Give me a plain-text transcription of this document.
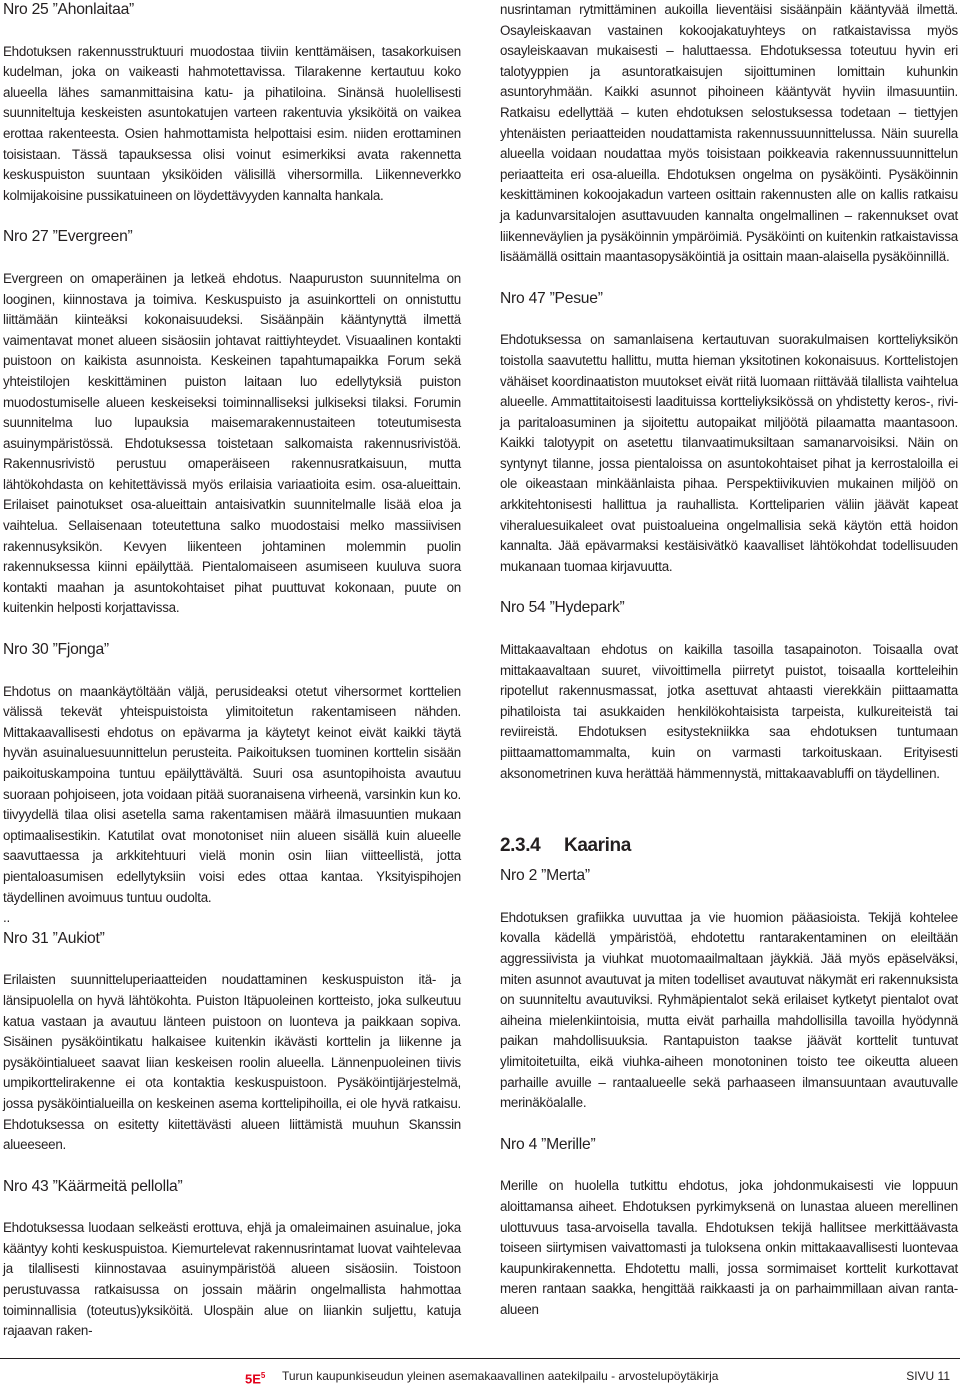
Nro 25 ”Ahonlaitaa”

Ehdotuksen rakennusstruktuuri muodostaa tiiviin kenttämäisen, tasakorkuisen kudelman, joka on vaikeasti hahmotettavissa. Tilarakenne kertautuu koko alueella lähes samanmittaisina katu- ja pihatiloina. Sinänsä huolellisesti suunniteltuja keskeisten asuntokatujen varteen rakentuvia yksiköitä on vaikea erottaa rakenteesta. Osien hahmottamista helpottaisi esim. niiden erottaminen toisistaan. Tässä tapauksessa olisi voinut esimerkiksi avata rakennetta keskuspuiston suuntaan yksiköiden välisillä vihersormilla. Liikenneverkko kolmijakoisine pussikatuineen on löydettävyyden kannalta hankala.

Nro 27 ”Evergreen”

Evergreen on omaperäinen ja letkeä ehdotus. Naapuruston suunnitelma on looginen, kiinnostava ja toimiva. Keskuspuisto ja asuinkortteli on onnistuttu liittämään kiinteäksi kokonaisuudeksi. Sisäänpäin kääntynyttä ilmettä vaimentavat monet alueen sisäosiin johtavat raittiyhteydet. Visuaalinen kontakti puistoon on kaikista asunnoista. Keskeinen tapahtumapaikka Forum sekä yhteistilojen keskittäminen puiston laitaan luo edellytyksiä puiston muodostumiselle alueen keskeiseksi toiminnalliseksi julkiseksi tilaksi. Forumin suunnitelma luo lupauksia maisemarakennustaiteen toteutumisesta asuinympäristössä. Ehdotuksessa toistetaan salkomaista rakennusrivistöä. Rakennusrivistö perustuu omaperäiseen rakennusratkaisuun, mutta lähtökohdasta on kehitettävissä myös erilaisia variaatioita esim. osa-alueittain. Erilaiset painotukset osa-alueittain antaisivatkin suunnitelmalle lisää eloa ja vaihtelua. Sellaisenaan toteutettuna salko muodostaisi melko massiivisen rakennusyksikön. Kevyen liikenteen johtaminen molemmin puolin rakennuksessa kiinni epäilyttää. Pientalomaiseen asumiseen kuuluva suora kontakti maahan ja asuntokohtaiset pihat puuttuvat kokonaan, puute on kuitenkin helposti korjattavissa.

Nro 30 ”Fjonga”

Ehdotus on maankäytöltään väljä, perusideaksi otetut vihersormet korttelien välissä tekevät yhteispuistoista ylimitoitetun rakentamiseen nähden. Mittakaavallisesti ehdotus on epävarma ja käytetyt keinot eivät kaikki täytä hyvän asuinaluesuunnittelun perusteita. Paikoituksen tuominen korttelin sisään paikoituskampoina tuntuu epäilyttävältä. Suuri osa asuntopihoista avautuu suoraan pohjoiseen, jota voidaan pitää suoranaisena virheenä, varsinkin kun ko. tiivyydellä tilaa olisi asetella sama rakentamisen määrä ilmasuuntien mukaan optimaalisestikin. Katutilat ovat monotoniset niin alueen sisällä kuin alueelle saavuttaessa ja arkkitehtuuri vielä monin osin liian viitteellistä, jotta pientaloasumisen edellytyksiin voisi edes ottaa kantaa. Yksityispihojen täydellinen avoimuus tuntuu oudolta.

..

Nro 31 ”Aukiot”

Erilaisten suunnitteluperiaatteiden noudattaminen keskuspuiston itä- ja länsipuolella on hyvä lähtökohta. Puiston Itäpuoleinen kortteisto, joka sulkeutuu katua vastaan ja avautuu länteen puistoon on luonteva ja paikkaan sopiva. Sisäinen pysäköintikatu halkaisee kuitenkin ikävästi korttelin ja liikenne ja pysäköintialueet saavat liian keskeisen roolin alueella. Lännenpuoleinen tiivis umpikorttelirakenne ei ota kontaktia keskuspuistoon. Pysäköintijärjestelmä, jossa pysäköintialueilla on keskeinen asema korttelipihoilla, ei ole hyvä ratkaisu. Ehdotuksessa on esitetty kiitettävästi alueen liittämistä muuhun Skanssin alueeseen.

Nro 43 ”Käärmeitä pellolla”

Ehdotuksessa luodaan selkeästi erottuva, ehjä ja omaleimainen asuinalue, joka kääntyy kohti keskuspuistoa. Kiemurtelevat rakennusrintamat luovat vaihtelevaa ja tilallisesti kiinnostavaa asuinympäristöä alueen sisäosiin. Toistoon perustuvassa ratkaisussa on jossain määrin ongelmallista hahmottaa toiminnallisia (toteutus)yksiköitä. Ulospäin alue on liiankin suljettu, katuja rajaavan raken-

nusrintaman rytmittäminen aukoilla lieventäisi sisäänpäin kääntyvää ilmettä. Osayleiskaavan vastainen kokoojakatuyhteys on ratkaistavissa myös osayleiskaavan mukaisesti – haluttaessa. Ehdotuksessa toteutuu hyvin eri talotyyppien ja asuntoratkaisujen sijoittuminen lomittain kuhunkin asuntoryhmään. Kaikki asunnot pihoineen kääntyvät hyviin ilmasuuntiin. Ratkaisu edellyttää – kuten ehdotuksen selostuksessa todetaan – tiettyjen yhtenäisten periaatteiden noudattamista rakennussuunnittelussa. Näin suurella alueella voidaan noudattaa myös toisistaan poikkeavia rakennussuunnittelun periaatteita eri osa-alueilla. Ehdotuksen ongelma on pysäköinti. Pysäköinnin keskittäminen kokoojakadun varteen osittain rakennusten alle on kallis ratkaisu ja kadunvarsitalojen asuttavuuden kannalta ongelmallinen – rakennukset ovat liikenneväylien ja pysäköinnin ympäröimiä. Pysäköinti on kuitenkin ratkaistavissa lisäämällä osittain maantasopysäköintiä ja osittain maan-alaisella pysäköinnillä.

Nro 47 ”Pesue”

Ehdotuksessa on samanlaisena kertautuvan suorakulmaisen kortteliyksikön toistolla saavutettu hallittu, mutta hieman yksitotinen kokonaisuus. Korttelistojen vähäiset koordinaatiston muutokset eivät riitä luomaan riittävää tilallista vaihtelua alueelle. Ammattitaitoisesti laadituissa kortteliyksikössä on yhdistetty keros-, rivi- ja paritaloasuminen ja sijoitettu autopaikat miljöötä pilaamatta maantasoon. Kaikki talotyypit on asetettu tilanvaatimuksiltaan samanarvoisiksi. Näin on syntynyt tilanne, jossa pientaloissa on asuntokohtaiset pihat ja kerrostaloilla ei ole oikeastaan minkäänlaista pihaa. Perspektiivikuvien mukainen miljöö on arkkitehtonisesti hallittua ja rauhallista. Kortteliparien väliin jäävät kapeat viheraluesuikaleet ovat puistoalueina ongelmallisia sekä käytön että hoidon kannalta. Jää epävarmaksi kestäisivätkö kaavalliset lähtökohdat todellisuuden mukanaan tuomaa kirjavuutta.

Nro 54 ”Hydepark”

Mittakaavaltaan ehdotus on kaikilla tasoilla tasapainoton. Toisaalla ovat mittakaavaltaan suuret, viivoittimella piirretyt puistot, toisaalla kortteleihin ripotellut rakennusmassat, jotka asettuvat ahtaasti vierekkäin piittaamatta pihatiloista tai asukkaiden henkilökohtaisista tarpeista, kulkureiteistä tai reviireistä. Ehdotuksen esitystekniikka saa ehdotuksen tuntumaan piittaamattomammalta, kuin on varmasti tarkoituskaan. Erityisesti aksonometrinen kuva herättää hämmennystä, mittakaavabluffi on täydellinen.

2.3.4 Kaarina
Nro 2 ”Merta”

Ehdotuksen grafiikka uuvuttaa ja vie huomion pääasioista. Tekijä kohtelee kovalla kädellä ympäristöä, ehdotettu rantarakentaminen on eleiltään aggressiivista ja viuhkat muotomaailmaltaan jäykkiä. Jää myös epäselväksi, miten asunnot avautuvat ja miten todelliset avautuvat näkymät eri rakennuksista on suunniteltu avautuviksi. Ryhmäpientalot sekä erilaiset kytketyt pientalot ovat aiheina mielenkiintoisia, mutta eivät parhailla mahdollisilla tavoilla hyödynnä paikan mahdollisuuksia. Rantapuiston taakse jäävät korttelit tuntuvat ylimitoitetuilta, eikä viuhka-aiheen monotoninen toisto tee oikeutta alueen parhaille avuille – rantaalueelle sekä parhaaseen ilmansuuntaan avautuvalle merinäköalalle.

Nro 4 ”Merille”

Merille on huolella tutkittu ehdotus, joka johdonmukaisesti vie loppuun aloittamansa aiheet. Ehdotuksen pyrkimyksenä on lunastaa alueen merellinen ulottuvuus tasa-arvoisella tavalla. Ehdotuksen tekijä hallitsee merkittäävasta toiseen siirtymisen vaivattomasti ja tuloksena onkin mittakaavallisesti luontevaa kaupunkirakennetta. Ehdotettu malli, jossa sormimaiset korttelit kurkottavat meren rantaan saakka, hengittää raikkaasti ja on parhaimmillaan aivan ranta-alueen

$5E^5$ Turun kaupunkiseudun yleinen asemakaavallinen aatekilpailu - arvostelupöytäkirja	SIVU 11
